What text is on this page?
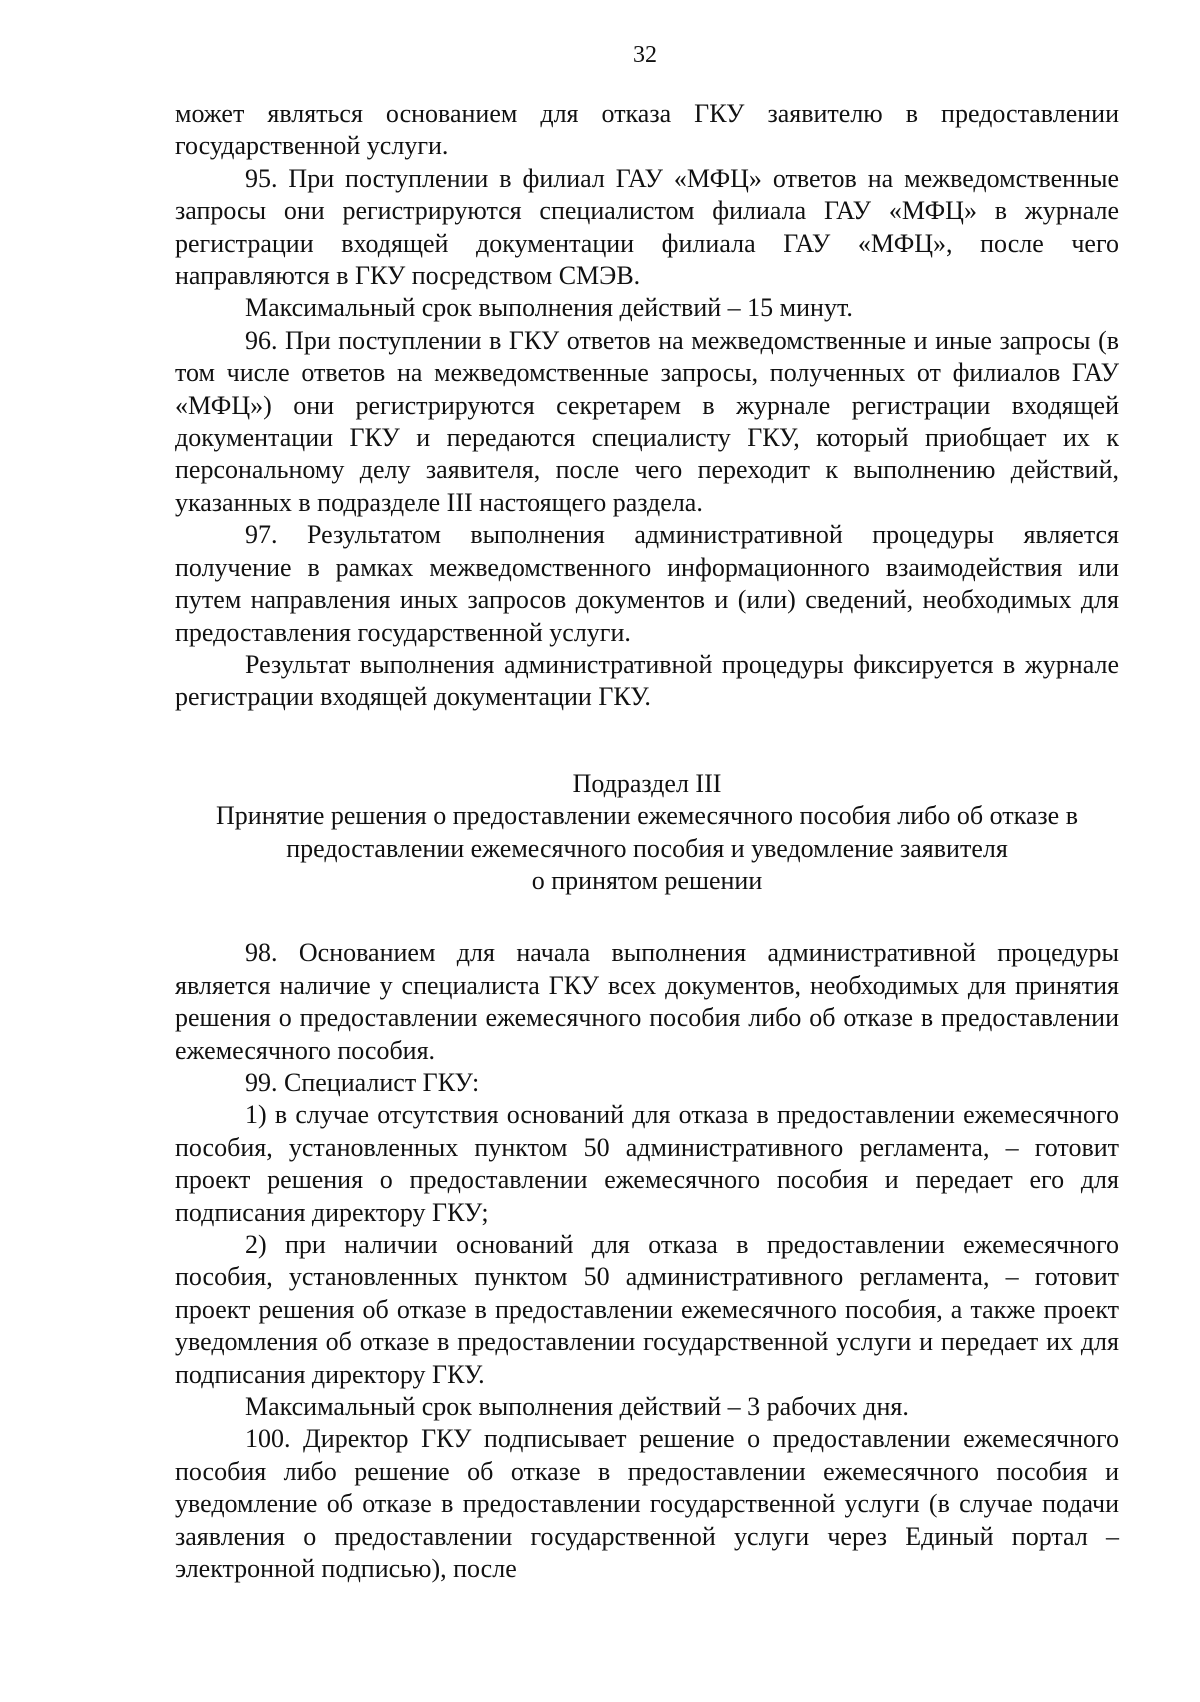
32

может являться основанием для отказа ГКУ заявителю в предоставлении государственной услуги.

95. При поступлении в филиал ГАУ «МФЦ» ответов на межведомственные запросы они регистрируются специалистом филиала ГАУ «МФЦ» в журнале регистрации входящей документации филиала ГАУ «МФЦ», после чего направляются в ГКУ посредством СМЭВ.

Максимальный срок выполнения действий – 15 минут.

96. При поступлении в ГКУ ответов на межведомственные и иные запросы (в том числе ответов на межведомственные запросы, полученных от филиалов ГАУ «МФЦ») они регистрируются секретарем в журнале регистрации входящей документации ГКУ и передаются специалисту ГКУ, который приобщает их к персональному делу заявителя, после чего переходит к выполнению действий, указанных в подразделе III настоящего раздела.

97. Результатом выполнения административной процедуры является получение в рамках межведомственного информационного взаимодействия или путем направления иных запросов документов и (или) сведений, необходимых для предоставления государственной услуги.

Результат выполнения административной процедуры фиксируется в журнале регистрации входящей документации ГКУ.

Подраздел III
Принятие решения о предоставлении ежемесячного пособия либо об отказе в
предоставлении ежемесячного пособия и уведомление заявителя
о принятом решении

98. Основанием для начала выполнения административной процедуры является наличие у специалиста ГКУ всех документов, необходимых для принятия решения о предоставлении ежемесячного пособия либо об отказе в предоставлении ежемесячного пособия.

99. Специалист ГКУ:

1) в случае отсутствия оснований для отказа в предоставлении ежемесячного пособия, установленных пунктом 50 административного регламента, – готовит проект решения о предоставлении ежемесячного пособия и передает его для подписания директору ГКУ;

2) при наличии оснований для отказа в предоставлении ежемесячного пособия, установленных пунктом 50 административного регламента, – готовит проект решения об отказе в предоставлении ежемесячного пособия, а также проект уведомления об отказе в предоставлении государственной услуги и передает их для подписания директору ГКУ.

Максимальный срок выполнения действий – 3 рабочих дня.

100. Директор ГКУ подписывает решение о предоставлении ежемесячного пособия либо решение об отказе в предоставлении ежемесячного пособия и уведомление об отказе в предоставлении государственной услуги (в случае подачи заявления о предоставлении государственной услуги через Единый портал – электронной подписью), после
